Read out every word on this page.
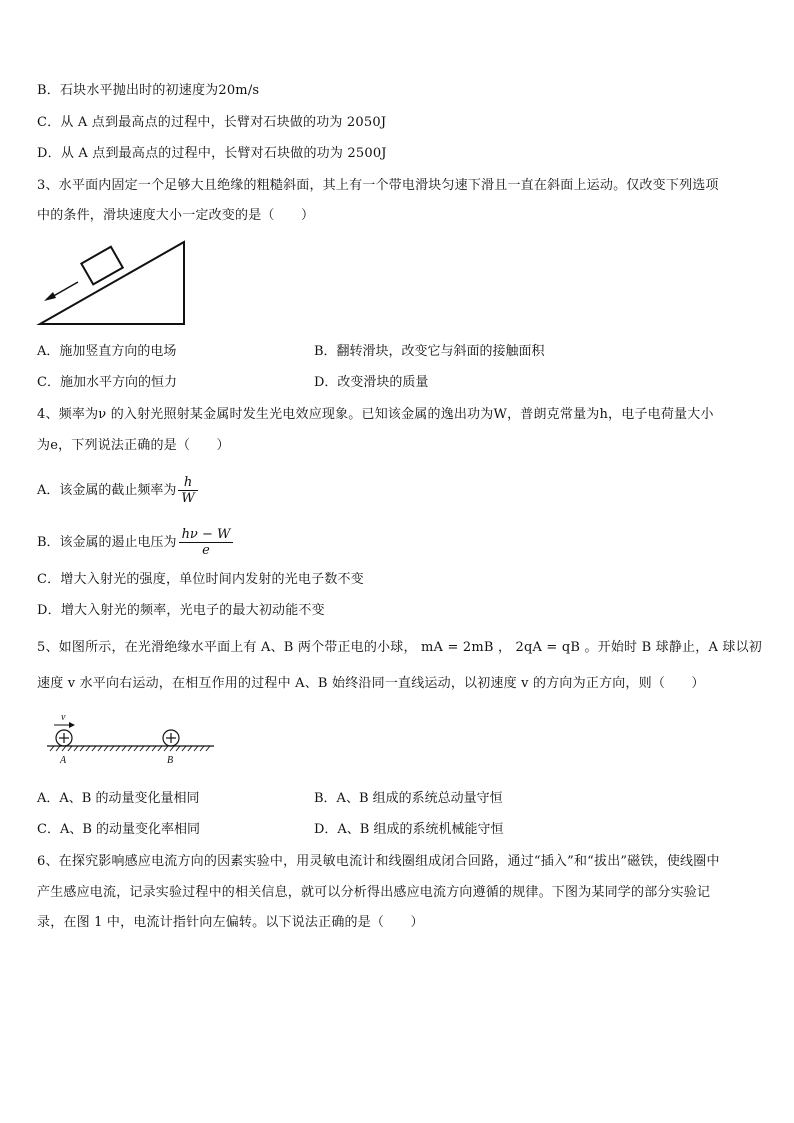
B．石块水平抛出时的初速度为20m/s
C．从 A 点到最高点的过程中，长臂对石块做的功为 2050J
D．从 A 点到最高点的过程中，长臂对石块做的功为 2500J
3、水平面内固定一个足够大且绝缘的粗糙斜面，其上有一个带电滑块匀速下滑且一直在斜面上运动。仅改变下列选项
中的条件，滑块速度大小一定改变的是（　　）
A．施加竖直方向的电场	B．翻转滑块，改变它与斜面的接触面积
C．施加水平方向的恒力	D．改变滑块的质量
4、频率为ν 的入射光照射某金属时发生光电效应现象。已知该金属的逸出功为W，普朗克常量为h，电子电荷量大小
为e，下列说法正确的是（　　）
A．该金属的截止频率为 $\frac{h}{W}$
B．该金属的遏止电压为 $\frac{h\nu - W}{e}$
C．增大入射光的强度，单位时间内发射的光电子数不变
D．增大入射光的频率，光电子的最大初动能不变
5、如图所示，在光滑绝缘水平面上有 A、B 两个带正电的小球， mA = 2mB ， 2qA = qB 。开始时 B 球静止，A 球以初
速度 v 水平向右运动，在相互作用的过程中 A、B 始终沿同一直线运动，以初速度 v 的方向为正方向，则（　　）
v
A	B
A．A、B 的动量变化量相同	B．A、B 组成的系统总动量守恒
C．A、B 的动量变化率相同	D．A、B 组成的系统机械能守恒
6、在探究影响感应电流方向的因素实验中，用灵敏电流计和线圈组成闭合回路，通过“插入”和“拔出”磁铁，使线圈中
产生感应电流，记录实验过程中的相关信息，就可以分析得出感应电流方向遵循的规律。下图为某同学的部分实验记
录，在图 1 中，电流计指针向左偏转。以下说法正确的是（　　）
